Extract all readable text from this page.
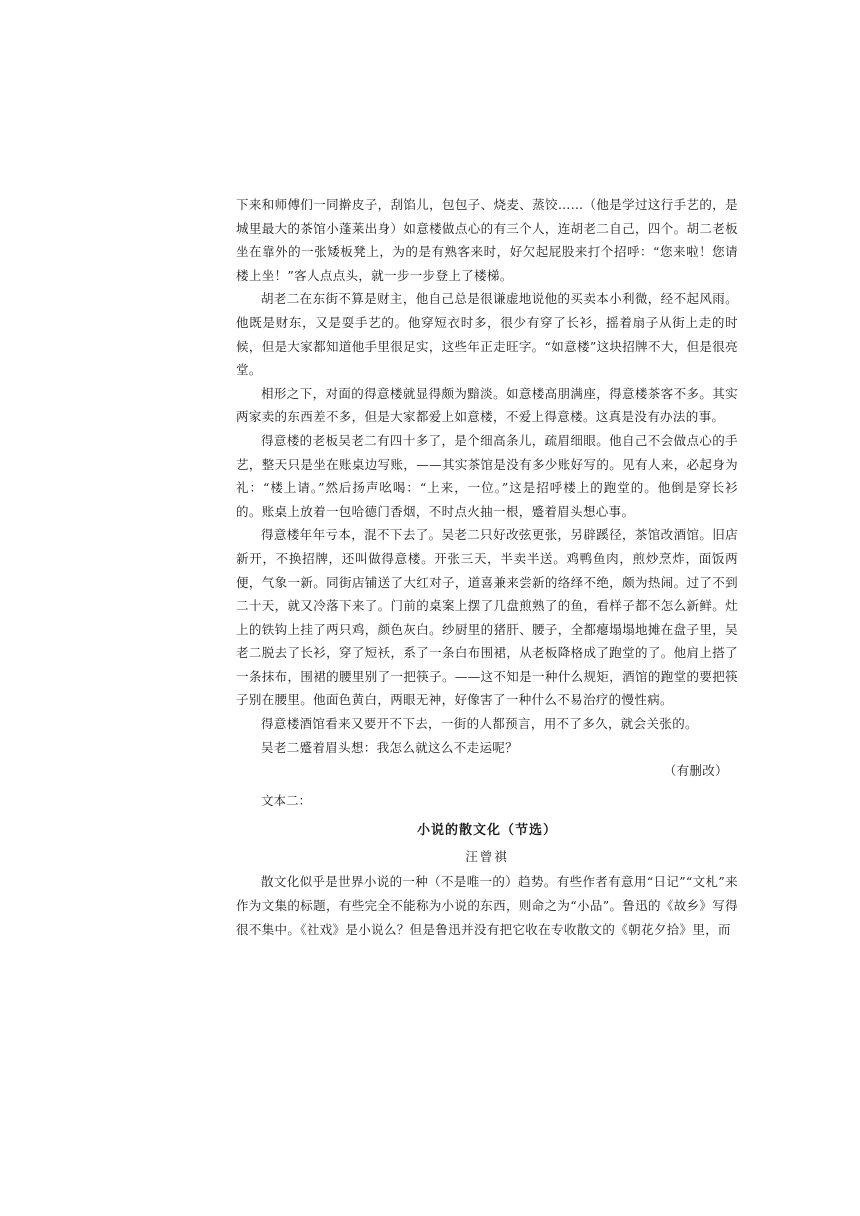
下来和师傅们一同擀皮子，刮馅儿，包包子、烧麦、蒸饺……（他是学过这行手艺的，是城里最大的茶馆小蓬莱出身）如意楼做点心的有三个人，连胡老二自己，四个。胡二老板坐在靠外的一张矮板凳上，为的是有熟客来时，好欠起屁股来打个招呼：“您来啦！您请楼上坐！”客人点点头，就一步一步登上了楼梯。

胡老二在东街不算是财主，他自己总是很谦虚地说他的买卖本小利微，经不起风雨。他既是财东，又是耍手艺的。他穿短衣时多，很少有穿了长衫，摇着扇子从街上走的时候，但是大家都知道他手里很足实，这些年正走旺字。“如意楼”这块招牌不大，但是很亮堂。

相形之下，对面的得意楼就显得颇为黯淡。如意楼高朋满座，得意楼茶客不多。其实两家卖的东西差不多，但是大家都爱上如意楼，不爱上得意楼。这真是没有办法的事。

得意楼的老板吴老二有四十多了，是个细高条儿，疏眉细眼。他自己不会做点心的手艺，整天只是坐在账桌边写账，——其实茶馆是没有多少账好写的。见有人来，必起身为礼：“楼上请。”然后扬声吆喝：“上来，一位。”这是招呼楼上的跑堂的。他倒是穿长衫的。账桌上放着一包哈德门香烟，不时点火抽一根，蹙着眉头想心事。

得意楼年年亏本，混不下去了。吴老二只好改弦更张，另辟蹊径，茶馆改酒馆。旧店新开，不换招牌，还叫做得意楼。开张三天，半卖半送。鸡鸭鱼肉，煎炒烹炸，面饭两便，气象一新。同街店铺送了大红对子，道喜兼来尝新的络绎不绝，颇为热闹。过了不到二十天，就又冷落下来了。门前的桌案上摆了几盘煎熟了的鱼，看样子都不怎么新鲜。灶上的铁钩上挂了两只鸡，颜色灰白。纱厨里的猪肝、腰子，全都瘪塌塌地摊在盘子里，吴老二脱去了长衫，穿了短袄，系了一条白布围裙，从老板降格成了跑堂的了。他肩上搭了一条抹布，围裙的腰里别了一把筷子。——这不知是一种什么规矩，酒馆的跑堂的要把筷子别在腰里。他面色黄白，两眼无神，好像害了一种什么不易治疗的慢性病。

得意楼酒馆看来又要开不下去，一街的人都预言，用不了多久，就会关张的。

吴老二蹙着眉头想：我怎么就这么不走运呢？

（有删改）

文本二：

小说的散文化（节选）

汪曾祺

散文化似乎是世界小说的一种（不是唯一的）趋势。有些作者有意用“日记”“文札”来作为文集的标题，有些完全不能称为小说的东西，则命之为“小品”。鲁迅的《故乡》写得很不集中。《社戏》是小说么？但是鲁迅并没有把它收在专收散文的《朝花夕拾》里，而
